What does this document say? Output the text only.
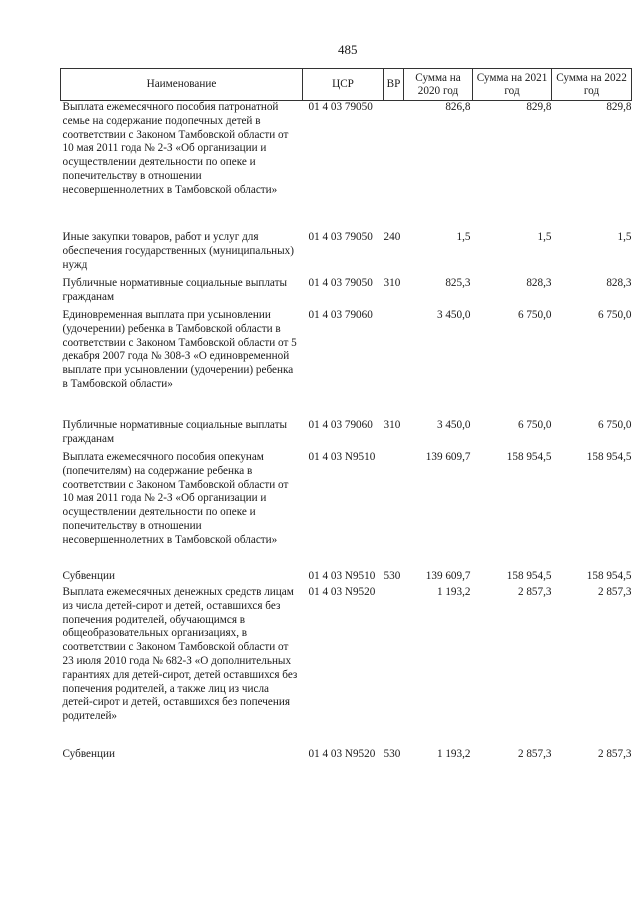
485
Наименование	ЦСР	ВР	Сумма на 2020 год	Сумма на 2021 год	Сумма на 2022 год
Выплата ежемесячного пособия патронатной семье на содержание подопечных детей в соответствии с Законом Тамбовской области от 10 мая 2011 года № 2-З «Об организации и осуществлении деятельности по опеке и попечительству в отношении несовершеннолетних в Тамбовской области»	01 4 03 79050		826,8	829,8	829,8
Иные закупки товаров, работ и услуг для обеспечения государственных (муниципальных) нужд	01 4 03 79050	240	1,5	1,5	1,5
Публичные нормативные социальные выплаты гражданам	01 4 03 79050	310	825,3	828,3	828,3
Единовременная выплата при усыновлении (удочерении) ребенка в Тамбовской области в соответствии с Законом Тамбовской области от 5 декабря 2007 года № 308-З «О единовременной выплате при усыновлении (удочерении) ребенка в Тамбовской области»	01 4 03 79060		3 450,0	6 750,0	6 750,0
Публичные нормативные социальные выплаты гражданам	01 4 03 79060	310	3 450,0	6 750,0	6 750,0
Выплата ежемесячного пособия опекунам (попечителям) на содержание ребенка в соответствии с Законом Тамбовской области от 10 мая 2011 года № 2-З «Об организации и осуществлении деятельности по опеке и попечительству в отношении несовершеннолетних в Тамбовской области»	01 4 03 N9510		139 609,7	158 954,5	158 954,5
Субвенции	01 4 03 N9510	530	139 609,7	158 954,5	158 954,5
Выплата ежемесячных денежных средств лицам из числа детей-сирот и детей, оставшихся без попечения родителей, обучающимся в общеобразовательных организациях, в соответствии с Законом Тамбовской области от 23 июля 2010 года № 682-З «О дополнительных гарантиях для детей-сирот, детей оставшихся без попечения родителей, а также лиц из числа детей-сирот и детей, оставшихся без попечения родителей»	01 4 03 N9520		1 193,2	2 857,3	2 857,3
Субвенции	01 4 03 N9520	530	1 193,2	2 857,3	2 857,3
